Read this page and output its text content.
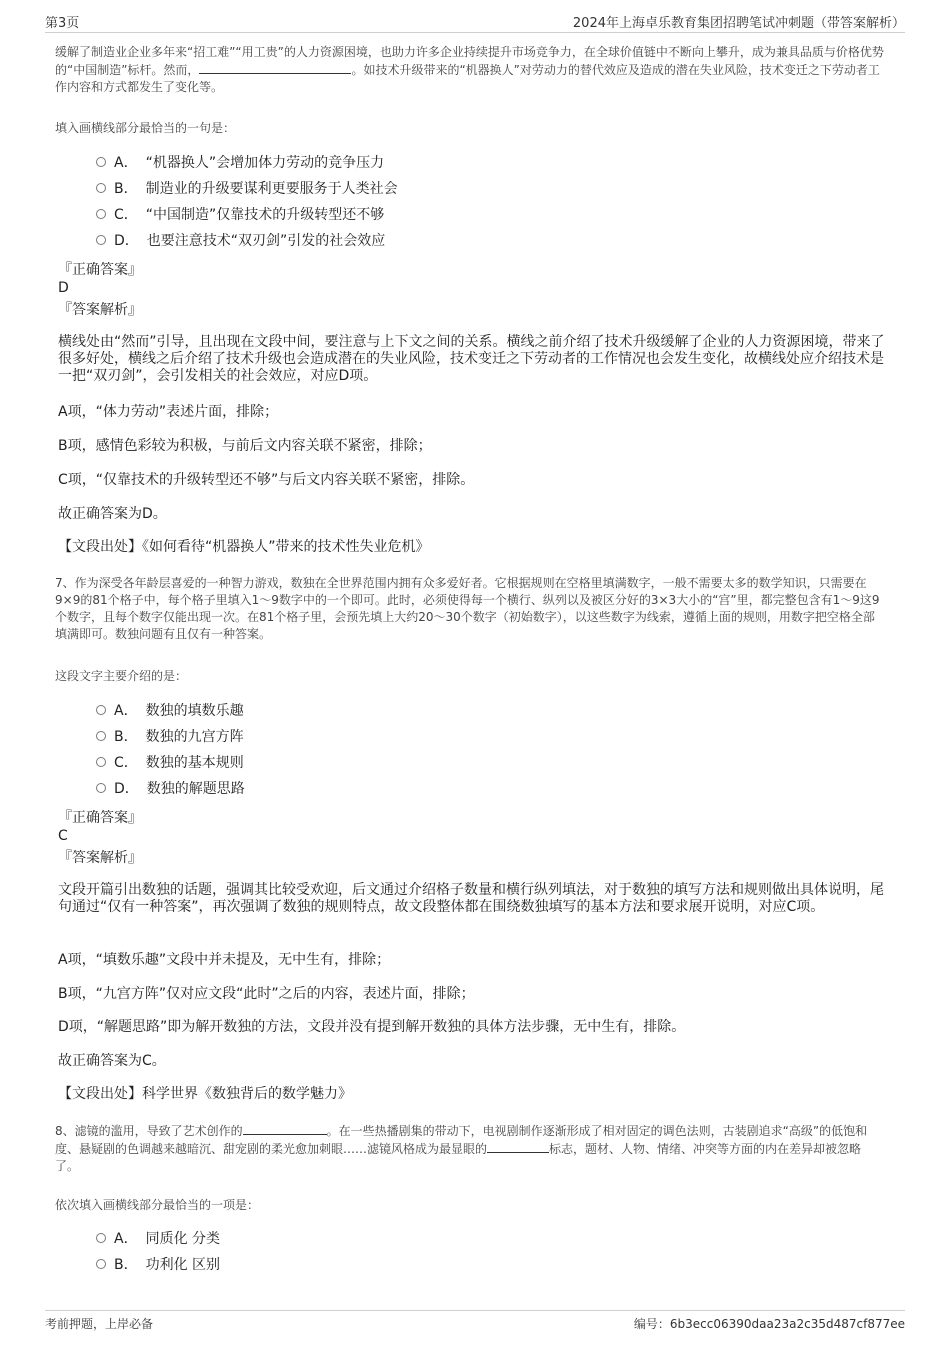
第3页	2024年上海卓乐教育集团招聘笔试冲刺题（带答案解析）
缓解了制造业企业多年来“招工难”“用工贵”的人力资源困境，也助力许多企业持续提升市场竞争力，在全球价值链中不断向上攀升，成为兼具品质与价格优势的“中国制造”标杆。然而，	。如技术升级带来的“机器换人”对劳动力的替代效应及造成的潜在失业风险，技术变迁之下劳动者工作内容和方式都发生了变化等。
填入画横线部分最恰当的一句是：
A． “机器换人”会增加体力劳动的竞争压力
B． 制造业的升级要谋利更要服务于人类社会
C． “中国制造”仅靠技术的升级转型还不够
D． 也要注意技术“双刃剑”引发的社会效应
『正确答案』
D
『答案解析』
横线处由“然而”引导，且出现在文段中间，要注意与上下文之间的关系。横线之前介绍了技术升级缓解了企业的人力资源困境，带来了很多好处，横线之后介绍了技术升级也会造成潜在的失业风险，技术变迁之下劳动者的工作情况也会发生变化，故横线处应介绍技术是一把“双刃剑”，会引发相关的社会效应，对应D项。
A项，“体力劳动”表述片面，排除；
B项，感情色彩较为积极，与前后文内容关联不紧密，排除；
C项，“仅靠技术的升级转型还不够”与后文内容关联不紧密，排除。
故正确答案为D。
【文段出处】《如何看待“机器换人”带来的技术性失业危机》
7、作为深受各年龄层喜爱的一种智力游戏，数独在全世界范围内拥有众多爱好者。它根据规则在空格里填满数字，一般不需要太多的数学知识，只需要在9×9的81个格子中，每个格子里填入1～9数字中的一个即可。此时，必须使得每一个横行、纵列以及被区分好的3×3大小的“宫”里，都完整包含有1～9这9个数字，且每个数字仅能出现一次。在81个格子里，会预先填上大约20～30个数字（初始数字），以这些数字为线索，遵循上面的规则，用数字把空格全部填满即可。数独问题有且仅有一种答案。
这段文字主要介绍的是：
A． 数独的填数乐趣
B． 数独的九宫方阵
C． 数独的基本规则
D． 数独的解题思路
『正确答案』
C
『答案解析』
文段开篇引出数独的话题，强调其比较受欢迎，后文通过介绍格子数量和横行纵列填法，对于数独的填写方法和规则做出具体说明，尾句通过“仅有一种答案”，再次强调了数独的规则特点，故文段整体都在围绕数独填写的基本方法和要求展开说明，对应C项。
A项，“填数乐趣”文段中并未提及，无中生有，排除；
B项，“九宫方阵”仅对应文段“此时”之后的内容，表述片面，排除；
D项，“解题思路”即为解开数独的方法，文段并没有提到解开数独的具体方法步骤，无中生有，排除。
故正确答案为C。
【文段出处】科学世界《数独背后的数学魅力》
8、滤镜的滥用，导致了艺术创作的	。在一些热播剧集的带动下，电视剧制作逐渐形成了相对固定的调色法则，古装剧追求“高级”的低饱和度、悬疑剧的色调越来越暗沉、甜宠剧的柔光愈加刺眼……滤镜风格成为最显眼的	标志，题材、人物、情绪、冲突等方面的内在差异却被忽略了。
依次填入画横线部分最恰当的一项是：
A． 同质化 分类
B． 功利化 区别
考前押题，上岸必备	编号：6b3ecc06390daa23a2c35d487cf877ee
